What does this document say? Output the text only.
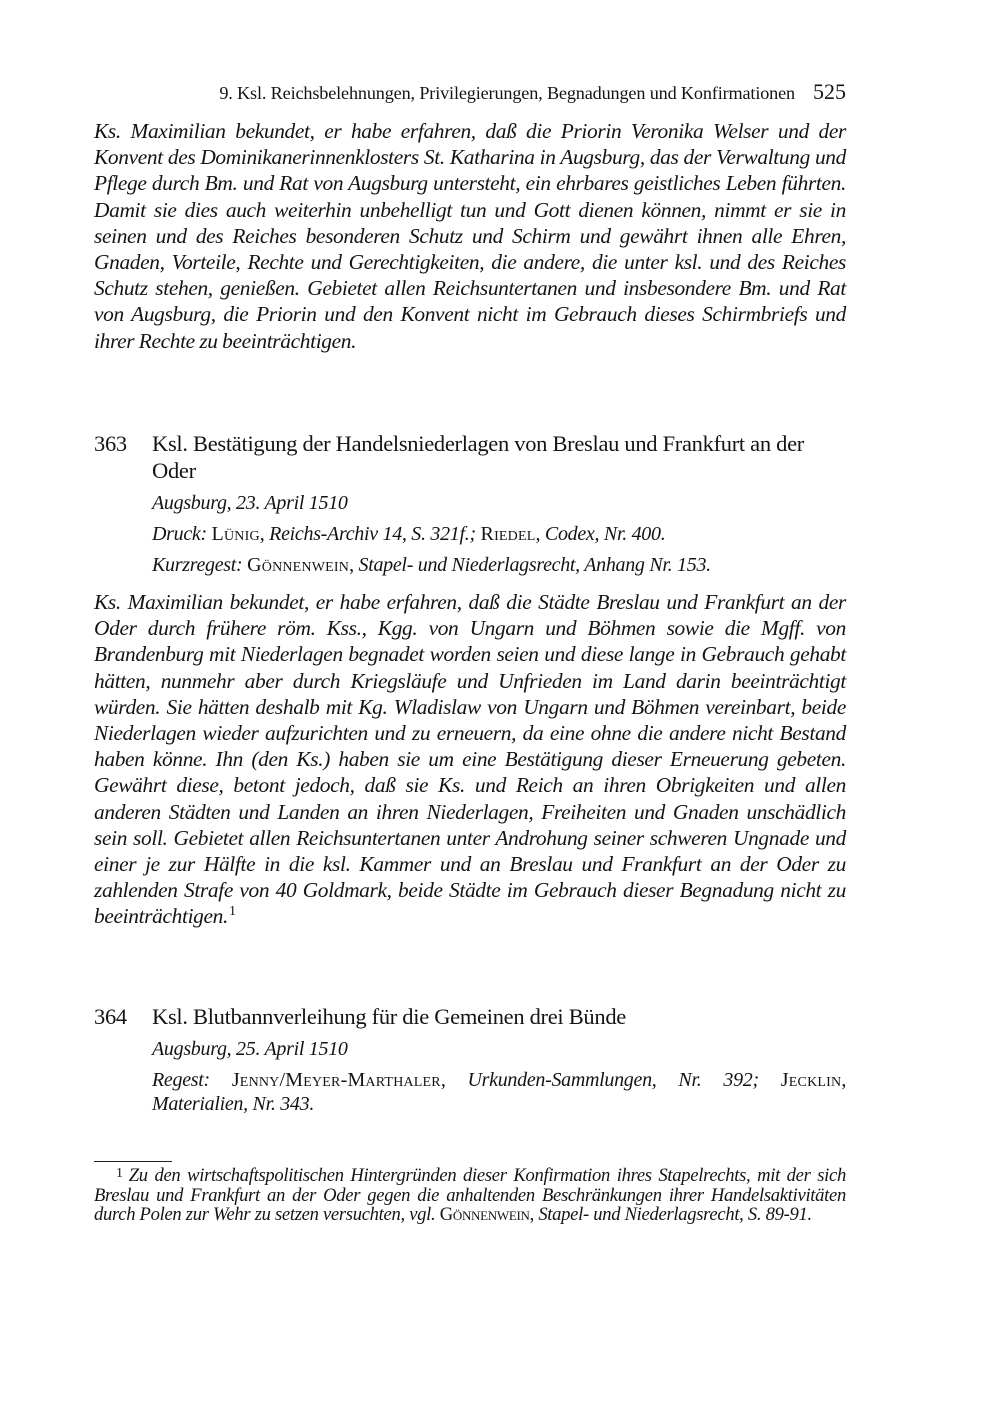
9. Ksl. Reichsbelehnungen, Privilegierungen, Begnadungen und Konfirmationen 525
Ks. Maximilian bekundet, er habe erfahren, daß die Priorin Veronika Welser und der Konvent des Dominikanerinnenklosters St. Katharina in Augsburg, das der Verwaltung und Pflege durch Bm. und Rat von Augsburg untersteht, ein ehrbares geistliches Leben führten. Damit sie dies auch weiterhin unbehelligt tun und Gott dienen können, nimmt er sie in seinen und des Reiches besonderen Schutz und Schirm und gewährt ihnen alle Ehren, Gnaden, Vorteile, Rechte und Gerechtigkeiten, die andere, die unter ksl. und des Reiches Schutz stehen, genießen. Gebietet allen Reichsuntertanen und insbesondere Bm. und Rat von Augsburg, die Priorin und den Konvent nicht im Gebrauch dieses Schirmbriefs und ihrer Rechte zu beeinträchtigen.
363	Ksl. Bestätigung der Handelsniederlagen von Breslau und Frankfurt an der Oder
Augsburg, 23. April 1510
Druck: Lünig, Reichs-Archiv 14, S. 321f.; Riedel, Codex, Nr. 400.
Kurzregest: Gönnenwein, Stapel- und Niederlagsrecht, Anhang Nr. 153.
Ks. Maximilian bekundet, er habe erfahren, daß die Städte Breslau und Frankfurt an der Oder durch frühere röm. Kss., Kgg. von Ungarn und Böhmen sowie die Mgff. von Brandenburg mit Niederlagen begnadet worden seien und diese lange in Gebrauch gehabt hätten, nunmehr aber durch Kriegsläufe und Unfrieden im Land darin beeinträchtigt würden. Sie hätten deshalb mit Kg. Wladislaw von Ungarn und Böhmen vereinbart, beide Niederlagen wieder aufzurichten und zu erneuern, da eine ohne die andere nicht Bestand haben könne. Ihn (den Ks.) haben sie um eine Bestätigung dieser Erneuerung gebeten. Gewährt diese, betont jedoch, daß sie Ks. und Reich an ihren Obrigkeiten und allen anderen Städten und Landen an ihren Niederlagen, Freiheiten und Gnaden unschädlich sein soll. Gebietet allen Reichsuntertanen unter Androhung seiner schweren Ungnade und einer je zur Hälfte in die ksl. Kammer und an Breslau und Frankfurt an der Oder zu zahlenden Strafe von 40 Goldmark, beide Städte im Gebrauch dieser Begnadung nicht zu beeinträchtigen.$^1$
364	Ksl. Blutbannverleihung für die Gemeinen drei Bünde
Augsburg, 25. April 1510
Regest: Jenny/Meyer-Marthaler, Urkunden-Sammlungen, Nr. 392; Jecklin, Materialien, Nr. 343.
$^1$ Zu den wirtschaftspolitischen Hintergründen dieser Konfirmation ihres Stapelrechts, mit der sich Breslau und Frankfurt an der Oder gegen die anhaltenden Beschränkungen ihrer Handelsaktivitäten durch Polen zur Wehr zu setzen versuchten, vgl. Gönnenwein, Stapel- und Niederlagsrecht, S. 89-91.
